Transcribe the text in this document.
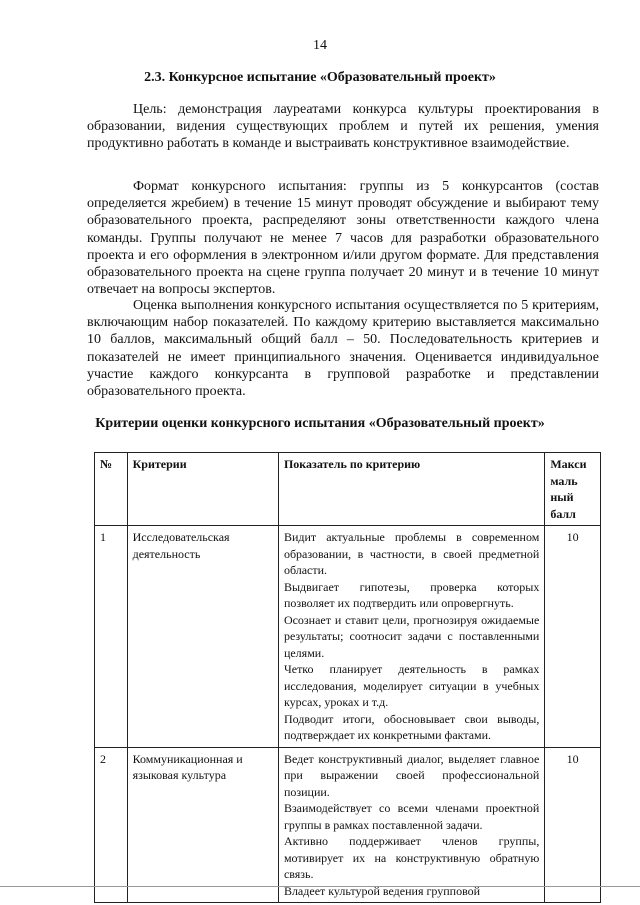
14
2.3. Конкурсное испытание «Образовательный проект»

Цель: демонстрация лауреатами конкурса культуры проектирования в образовании, видения существующих проблем и путей их решения, умения продуктивно работать в команде и выстраивать конструктивное взаимодействие.

Формат конкурсного испытания: группы из 5 конкурсантов (состав определяется жребием) в течение 15 минут проводят обсуждение и выбирают тему образовательного проекта, распределяют зоны ответственности каждого члена команды. Группы получают не менее 7 часов для разработки образовательного проекта и его оформления в электронном и/или другом формате. Для представления образовательного проекта на сцене группа получает 20 минут и в течение 10 минут отвечает на вопросы экспертов.

Оценка выполнения конкурсного испытания осуществляется по 5 критериям, включающим набор показателей. По каждому критерию выставляется максимально 10 баллов, максимальный общий балл – 50. Последовательность критериев и показателей не имеет принципиального значения. Оценивается индивидуальное участие каждого конкурсанта в групповой разработке и представлении образовательного проекта.

Критерии оценки конкурсного испытания «Образовательный проект»
№	Критерии	Показатель по критерию	Макси маль ный балл
1	Исследовательская деятельность	Видит актуальные проблемы в современном образовании, в частности, в своей предметной области.
Выдвигает гипотезы, проверка которых позволяет их подтвердить или опровергнуть.
Осознает и ставит цели, прогнозируя ожидаемые результаты; соотносит задачи с поставленными целями.
Четко планирует деятельность в рамках исследования, моделирует ситуации в учебных курсах, уроках и т.д.
Подводит итоги, обосновывает свои выводы, подтверждает их конкретными фактами.	10
2	Коммуникационная и языковая культура	Ведет конструктивный диалог, выделяет главное при выражении своей профессиональной позиции.
Взаимодействует со всеми членами проектной группы в рамках поставленной задачи.
Активно поддерживает членов группы, мотивирует их на конструктивную обратную связь.
Владеет культурой ведения групповой	10
